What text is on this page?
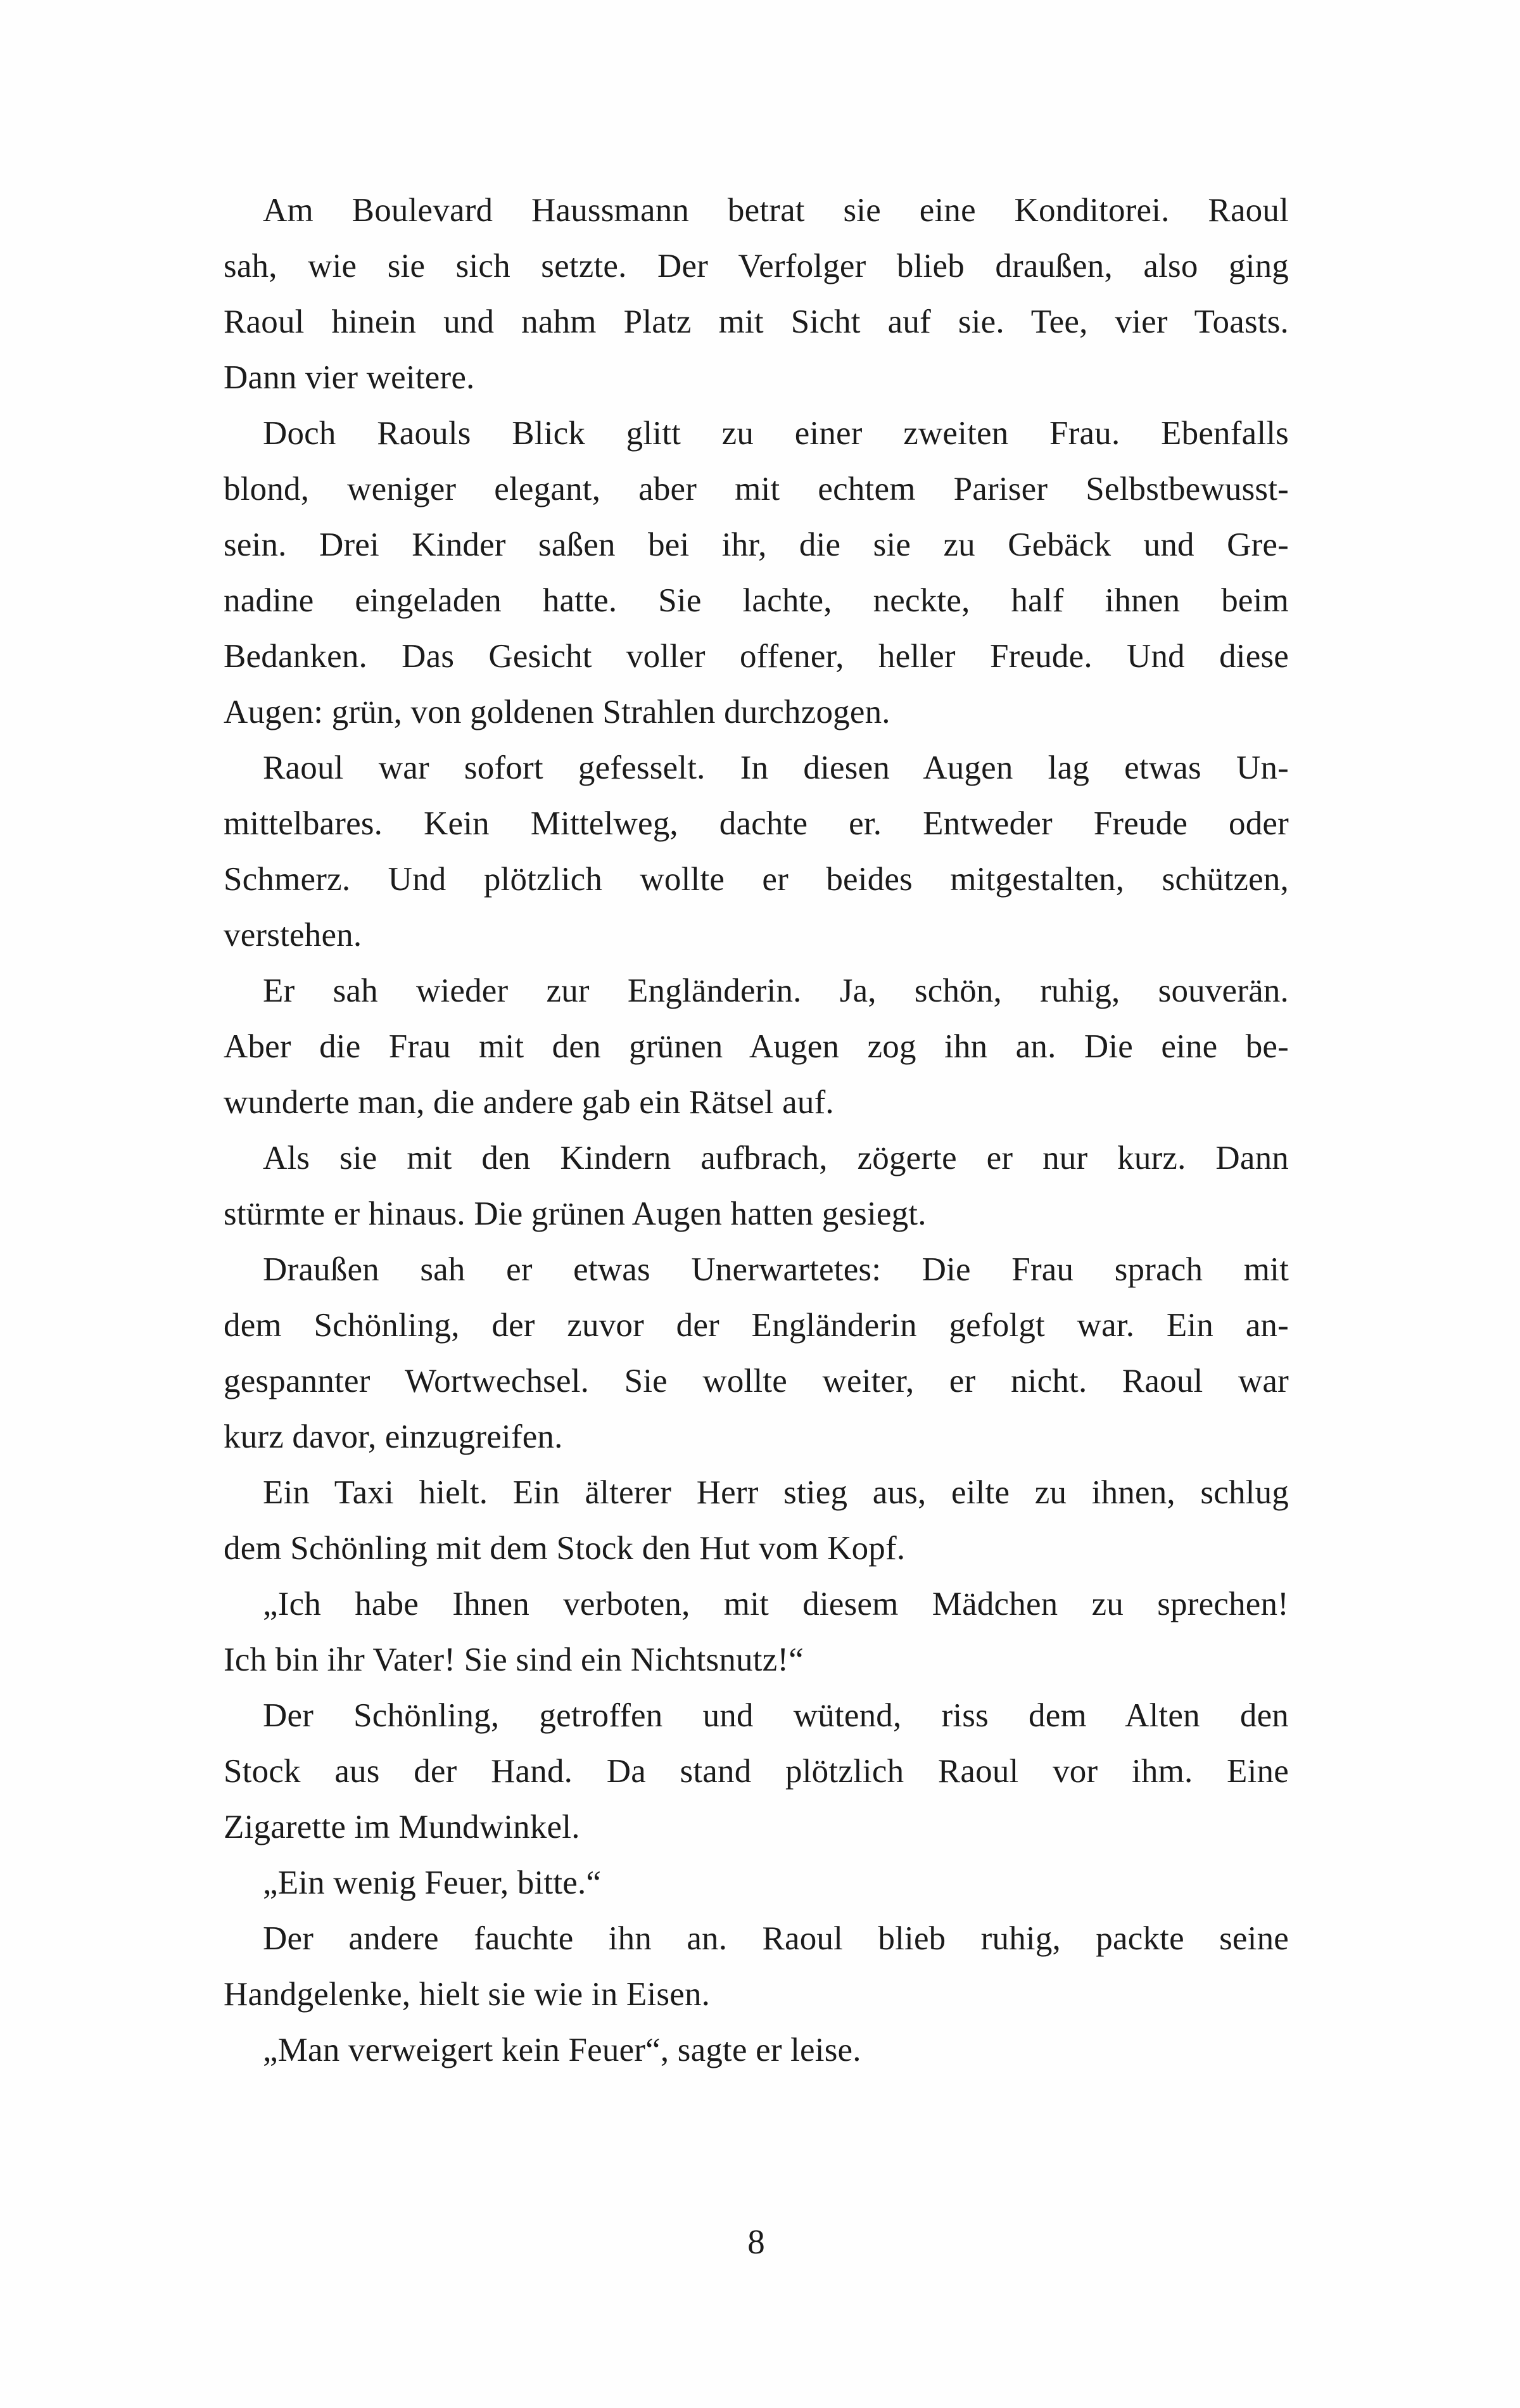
Am Boulevard Haussmann betrat sie eine Konditorei. Raoul
sah, wie sie sich setzte. Der Verfolger blieb draußen, also ging
Raoul hinein und nahm Platz mit Sicht auf sie. Tee, vier Toasts.
Dann vier weitere.

Doch Raouls Blick glitt zu einer zweiten Frau. Ebenfalls
blond, weniger elegant, aber mit echtem Pariser Selbstbewusst-
sein. Drei Kinder saßen bei ihr, die sie zu Gebäck und Gre-
nadine eingeladen hatte. Sie lachte, neckte, half ihnen beim
Bedanken. Das Gesicht voller offener, heller Freude. Und diese
Augen: grün, von goldenen Strahlen durchzogen.

Raoul war sofort gefesselt. In diesen Augen lag etwas Un-
mittelbares. Kein Mittelweg, dachte er. Entweder Freude oder
Schmerz. Und plötzlich wollte er beides mitgestalten, schützen,
verstehen.

Er sah wieder zur Engländerin. Ja, schön, ruhig, souverän.
Aber die Frau mit den grünen Augen zog ihn an. Die eine be-
wunderte man, die andere gab ein Rätsel auf.

Als sie mit den Kindern aufbrach, zögerte er nur kurz. Dann
stürmte er hinaus. Die grünen Augen hatten gesiegt.

Draußen sah er etwas Unerwartetes: Die Frau sprach mit
dem Schönling, der zuvor der Engländerin gefolgt war. Ein an-
gespannter Wortwechsel. Sie wollte weiter, er nicht. Raoul war
kurz davor, einzugreifen.

Ein Taxi hielt. Ein älterer Herr stieg aus, eilte zu ihnen, schlug
dem Schönling mit dem Stock den Hut vom Kopf.

„Ich habe Ihnen verboten, mit diesem Mädchen zu sprechen!
Ich bin ihr Vater! Sie sind ein Nichtsnutz!“

Der Schönling, getroffen und wütend, riss dem Alten den
Stock aus der Hand. Da stand plötzlich Raoul vor ihm. Eine
Zigarette im Mundwinkel.

„Ein wenig Feuer, bitte.“

Der andere fauchte ihn an. Raoul blieb ruhig, packte seine
Handgelenke, hielt sie wie in Eisen.

„Man verweigert kein Feuer“, sagte er leise.

8
